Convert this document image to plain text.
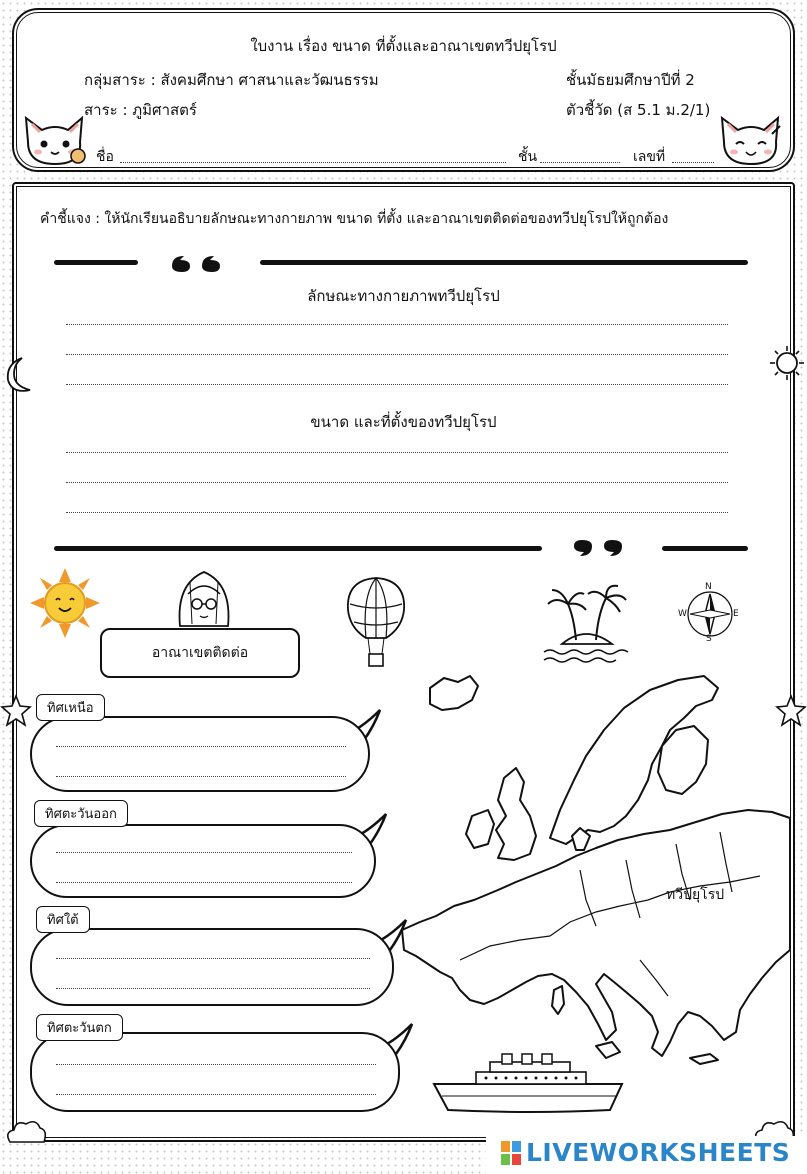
ใบงาน เรื่อง ขนาด ที่ตั้งและอาณาเขตทวีปยุโรป
กลุ่มสาระ : สังคมศึกษา ศาสนาและวัฒนธรรม	ชั้นมัธยมศึกษาปีที่ 2
สาระ : ภูมิศาสตร์	ตัวชี้วัด (ส 5.1 ม.2/1)
ชื่อ	ชั้น	เลขที่
คำชี้แจง : ให้นักเรียนอธิบายลักษณะทางกายภาพ ขนาด ที่ตั้ง และอาณาเขตติดต่อของทวีปยุโรปให้ถูกต้อง
ลักษณะทางกายภาพทวีปยุโรป
ขนาด และที่ตั้งของทวีปยุโรป
N
E
S
W
อาณาเขตติดต่อ
ทิศเหนือ
ทิศตะวันออก
ทิศใต้
ทิศตะวันตก
ทวีปยุโรป
LIVEWORKSHEETS
